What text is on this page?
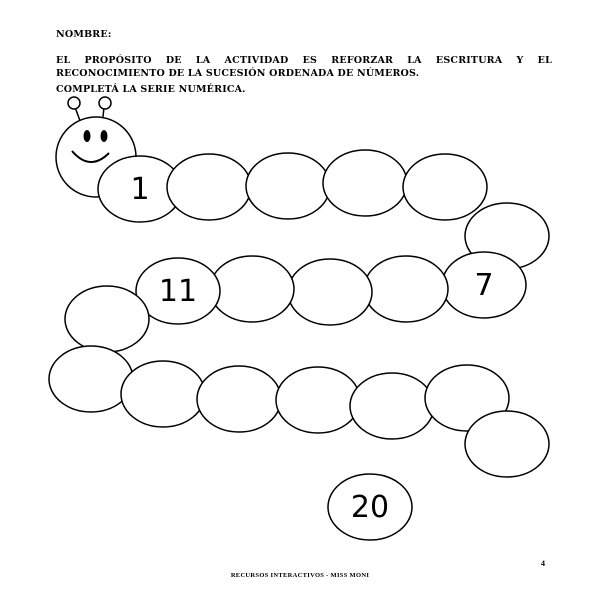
NOMBRE:
EL PROPÓSITO DE LA ACTIVIDAD ES REFORZAR LA ESCRITURA Y EL
RECONOCIMIENTO DE LA SUCESIÓN ORDENADA DE NÚMEROS.
COMPLETÁ LA SERIE NUMÉRICA.
1
7
11
20
4
RECURSOS INTERACTIVOS - MISS MONI
